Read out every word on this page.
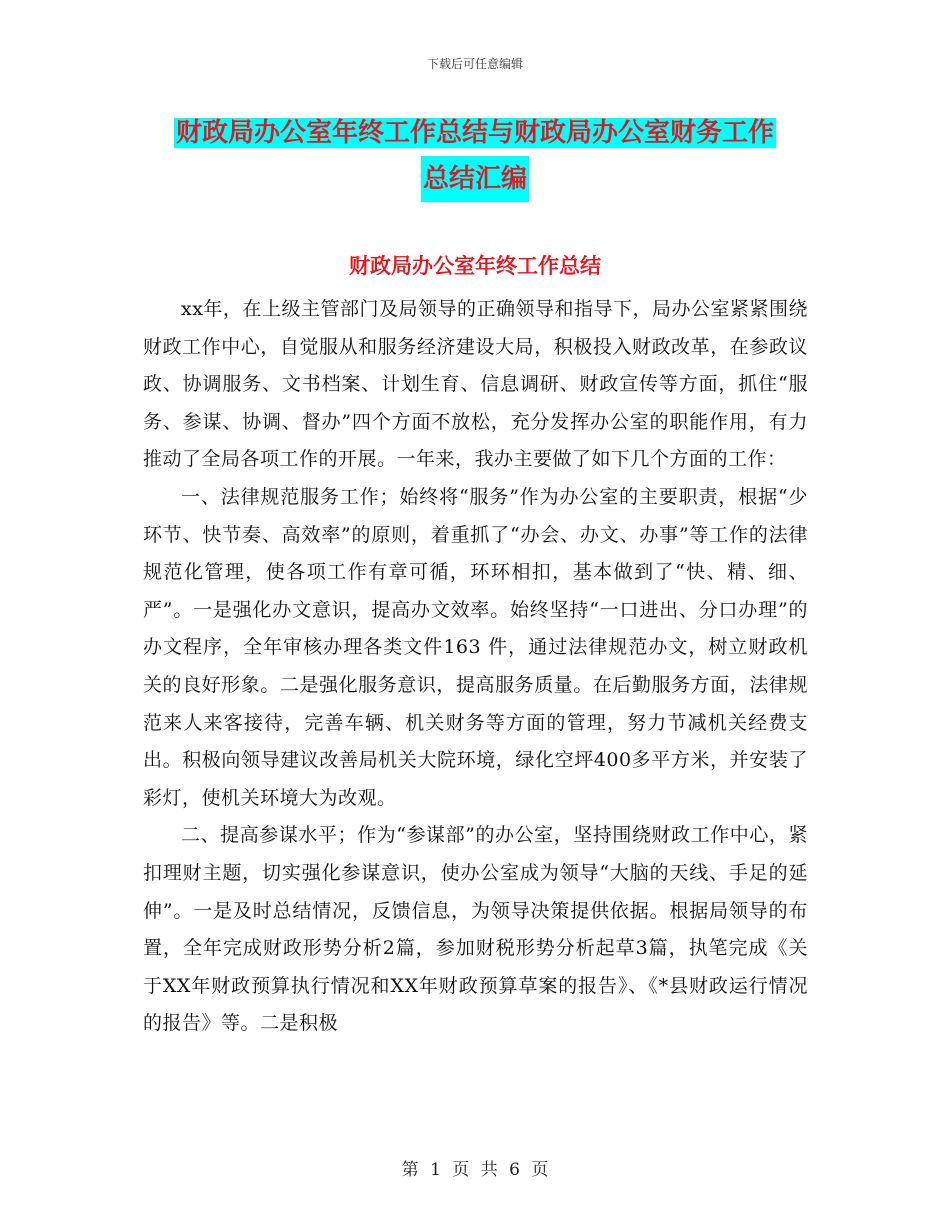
下载后可任意编辑
财政局办公室年终工作总结与财政局办公室财务工作
总结汇编
财政局办公室年终工作总结

xx年，在上级主管部门及局领导的正确领导和指导下，局办公室紧紧围绕财政工作中心，自觉服从和服务经济建设大局，积极投入财政改革，在参政议政、协调服务、文书档案、计划生育、信息调研、财政宣传等方面，抓住“服务、参谋、协调、督办”四个方面不放松，充分发挥办公室的职能作用，有力推动了全局各项工作的开展。一年来，我办主要做了如下几个方面的工作：

一、法律规范服务工作；始终将“服务”作为办公室的主要职责，根据“少环节、快节奏、高效率”的原则，着重抓了“办会、办文、办事”等工作的法律规范化管理，使各项工作有章可循，环环相扣，基本做到了“快、精、细、严”。一是强化办文意识，提高办文效率。始终坚持“一口进出、分口办理”的办文程序，全年审核办理各类文件163 件，通过法律规范办文，树立财政机关的良好形象。二是强化服务意识，提高服务质量。在后勤服务方面，法律规范来人来客接待，完善车辆、机关财务等方面的管理，努力节减机关经费支出。积极向领导建议改善局机关大院环境，绿化空坪400多平方米，并安装了彩灯，使机关环境大为改观。

二、提高参谋水平；作为“参谋部”的办公室，坚持围绕财政工作中心，紧扣理财主题，切实强化参谋意识，使办公室成为领导“大脑的天线、手足的延伸”。一是及时总结情况，反馈信息，为领导决策提供依据。根据局领导的布置，全年完成财政形势分析2篇，参加财税形势分析起草3篇，执笔完成《关于XX年财政预算执行情况和XX年财政预算草案的报告》、《*县财政运行情况的报告》等。二是积极

第 1 页 共 6 页
